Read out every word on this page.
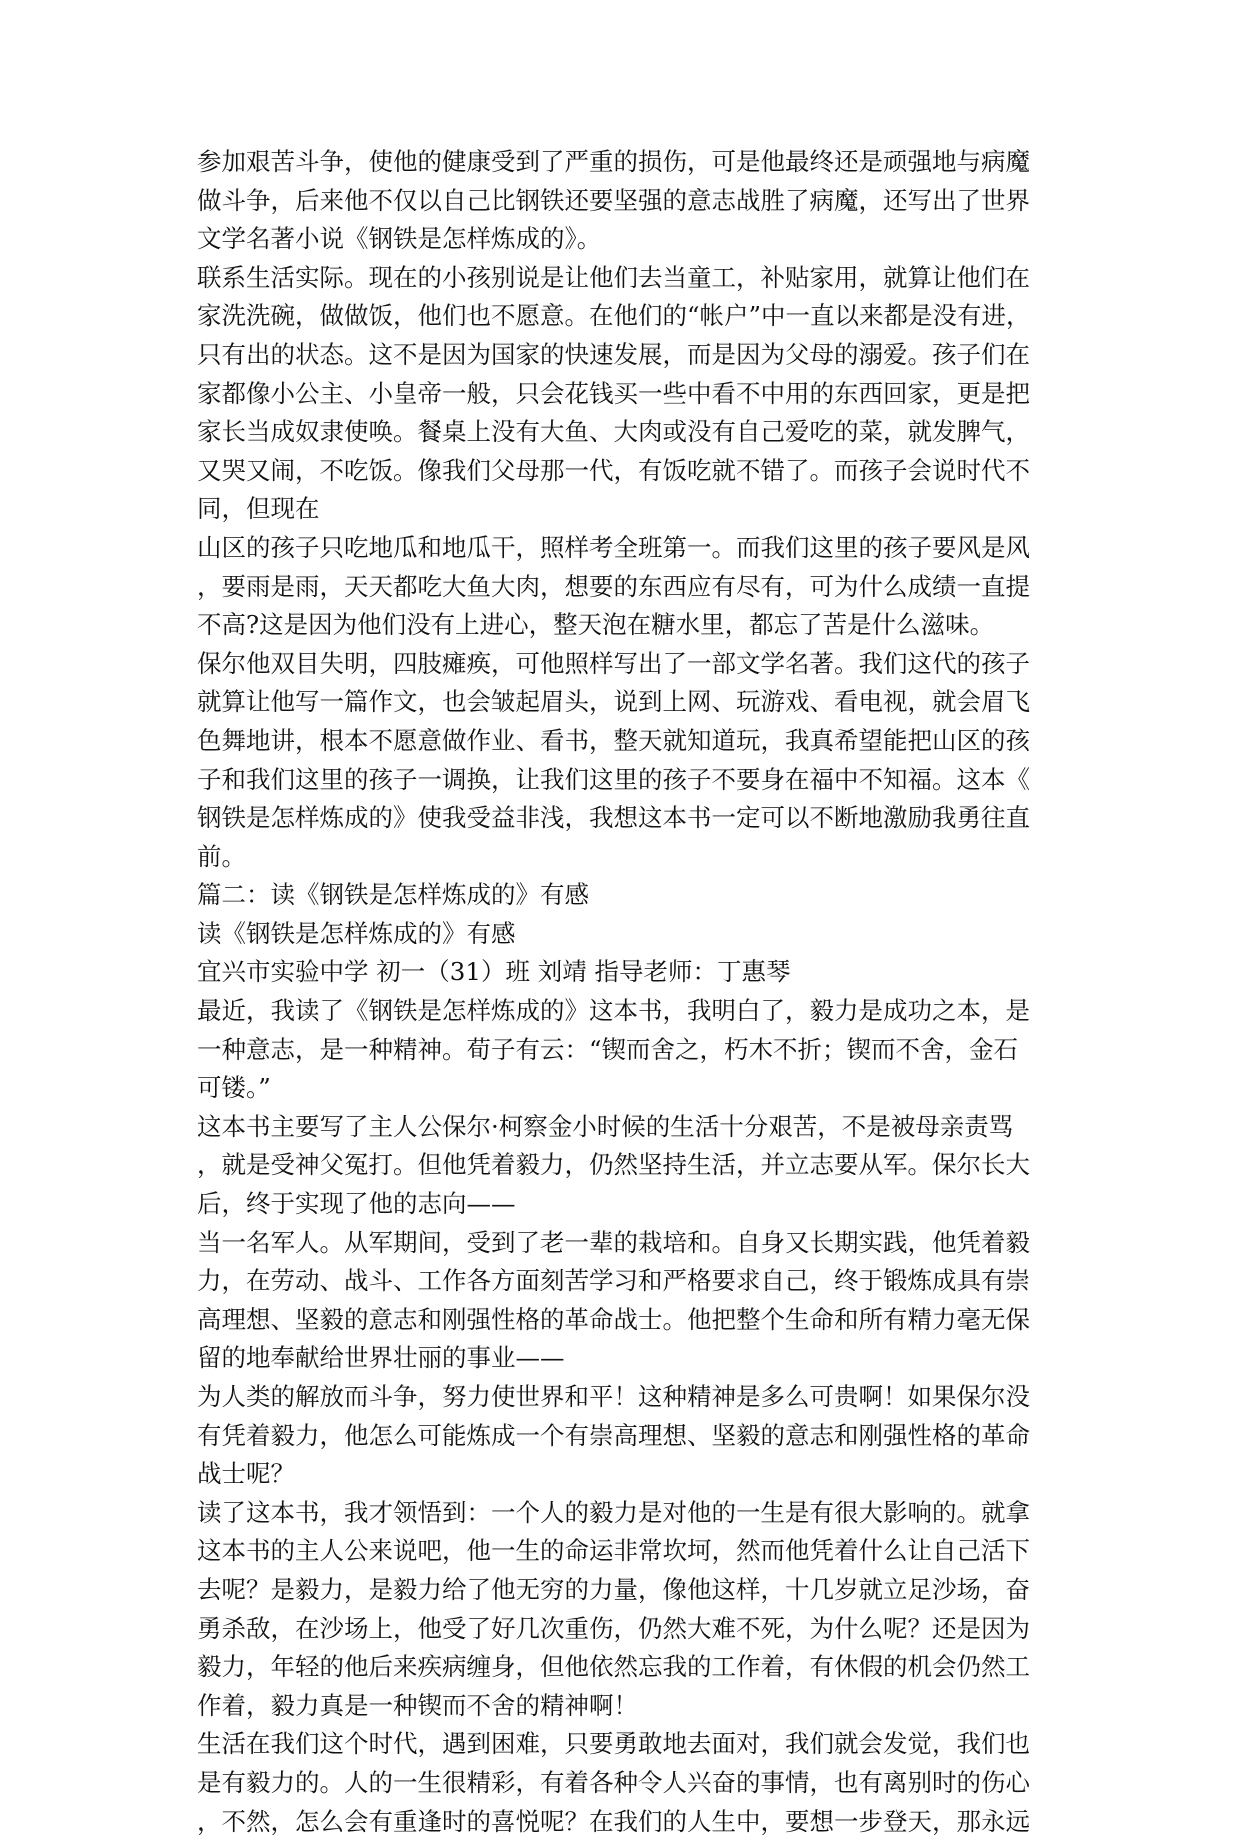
参加艰苦斗争，使他的健康受到了严重的损伤，可是他最终还是顽强地与病魔
做斗争，后来他不仅以自己比钢铁还要坚强的意志战胜了病魔，还写出了世界
文学名著小说《钢铁是怎样炼成的》。
联系生活实际。现在的小孩别说是让他们去当童工，补贴家用，就算让他们在
家洗洗碗，做做饭，他们也不愿意。在他们的“帐户”中一直以来都是没有进，
只有出的状态。这不是因为国家的快速发展，而是因为父母的溺爱。孩子们在
家都像小公主、小皇帝一般，只会花钱买一些中看不中用的东西回家，更是把
家长当成奴隶使唤。餐桌上没有大鱼、大肉或没有自己爱吃的菜，就发脾气，
又哭又闹，不吃饭。像我们父母那一代，有饭吃就不错了。而孩子会说时代不
同，但现在
山区的孩子只吃地瓜和地瓜干，照样考全班第一。而我们这里的孩子要风是风
，要雨是雨，天天都吃大鱼大肉，想要的东西应有尽有，可为什么成绩一直提
不高?这是因为他们没有上进心，整天泡在糖水里，都忘了苦是什么滋味。
保尔他双目失明，四肢瘫痪，可他照样写出了一部文学名著。我们这代的孩子
就算让他写一篇作文，也会皱起眉头，说到上网、玩游戏、看电视，就会眉飞
色舞地讲，根本不愿意做作业、看书，整天就知道玩，我真希望能把山区的孩
子和我们这里的孩子一调换，让我们这里的孩子不要身在福中不知福。这本《
钢铁是怎样炼成的》使我受益非浅，我想这本书一定可以不断地激励我勇往直
前。
篇二：读《钢铁是怎样炼成的》有感
读《钢铁是怎样炼成的》有感
宜兴市实验中学 初一（31）班 刘靖 指导老师：丁惠琴
最近，我读了《钢铁是怎样炼成的》这本书，我明白了，毅力是成功之本，是
一种意志，是一种精神。荀子有云：“锲而舍之，朽木不折；锲而不舍，金石
可镂。”
这本书主要写了主人公保尔·柯察金小时候的生活十分艰苦，不是被母亲责骂
，就是受神父冤打。但他凭着毅力，仍然坚持生活，并立志要从军。保尔长大
后，终于实现了他的志向——
当一名军人。从军期间，受到了老一辈的栽培和。自身又长期实践，他凭着毅
力，在劳动、战斗、工作各方面刻苦学习和严格要求自己，终于锻炼成具有崇
高理想、坚毅的意志和刚强性格的革命战士。他把整个生命和所有精力毫无保
留的地奉献给世界壮丽的事业——
为人类的解放而斗争，努力使世界和平！这种精神是多么可贵啊！如果保尔没
有凭着毅力，他怎么可能炼成一个有崇高理想、坚毅的意志和刚强性格的革命
战士呢？
读了这本书，我才领悟到：一个人的毅力是对他的一生是有很大影响的。就拿
这本书的主人公来说吧，他一生的命运非常坎坷，然而他凭着什么让自己活下
去呢？是毅力，是毅力给了他无穷的力量，像他这样，十几岁就立足沙场，奋
勇杀敌，在沙场上，他受了好几次重伤，仍然大难不死，为什么呢？还是因为
毅力，年轻的他后来疾病缠身，但他依然忘我的工作着，有休假的机会仍然工
作着，毅力真是一种锲而不舍的精神啊！
生活在我们这个时代，遇到困难，只要勇敢地去面对，我们就会发觉，我们也
是有毅力的。人的一生很精彩，有着各种令人兴奋的事情，也有离别时的伤心
，不然，怎么会有重逢时的喜悦呢？在我们的人生中，要想一步登天，那永远
